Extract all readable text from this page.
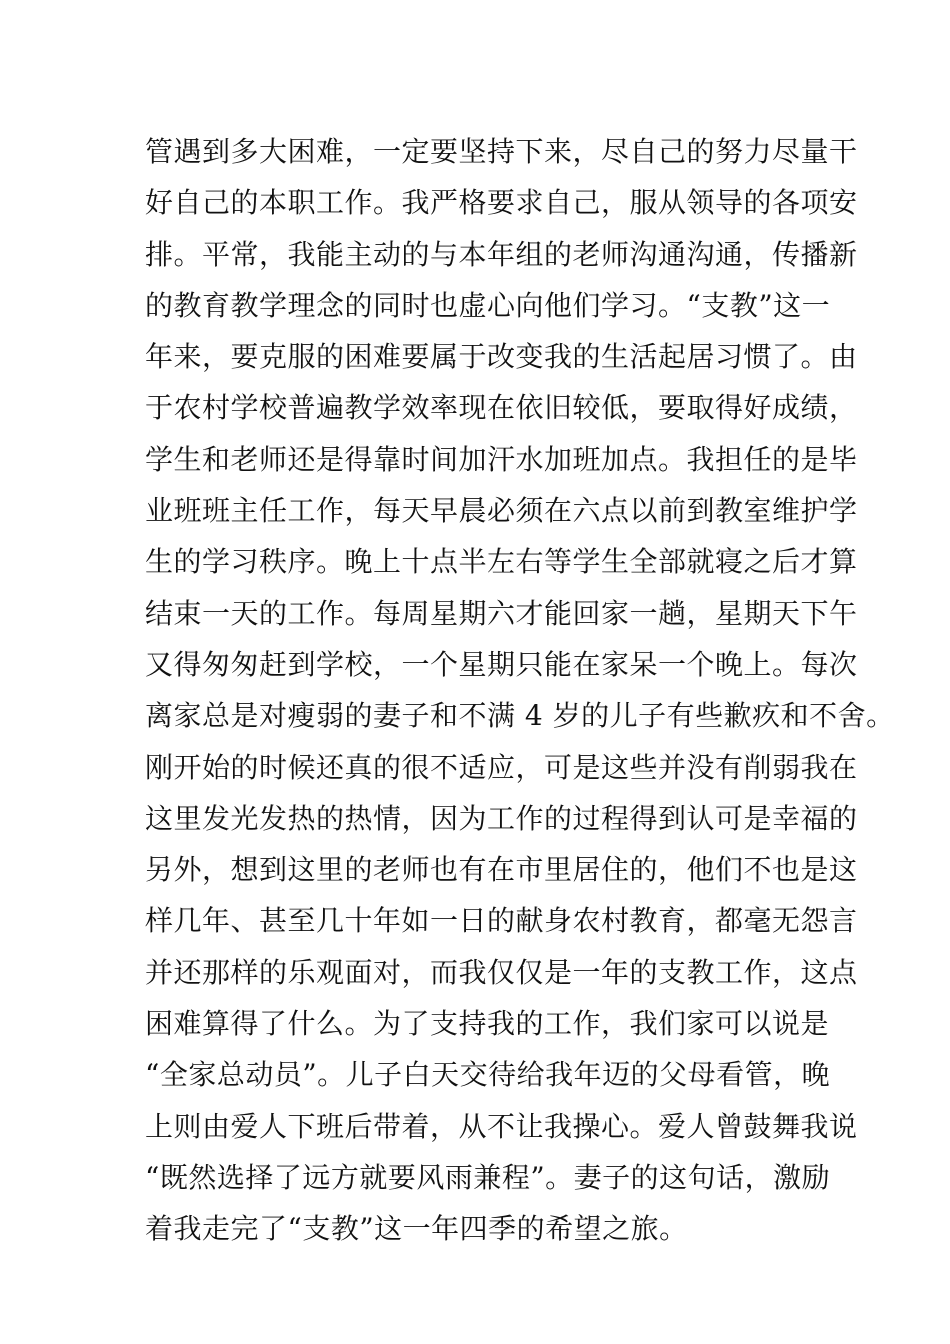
管遇到多大困难，一定要坚持下来，尽自己的努力尽量干
好自己的本职工作。我严格要求自己，服从领导的各项安
排。平常，我能主动的与本年组的老师沟通沟通，传播新
的教育教学理念的同时也虚心向他们学习。“支教”这一
年来，要克服的困难要属于改变我的生活起居习惯了。由
于农村学校普遍教学效率现在依旧较低，要取得好成绩，
学生和老师还是得靠时间加汗水加班加点。我担任的是毕
业班班主任工作，每天早晨必须在六点以前到教室维护学
生的学习秩序。晚上十点半左右等学生全部就寝之后才算
结束一天的工作。每周星期六才能回家一趟，星期天下午
又得匆匆赶到学校，一个星期只能在家呆一个晚上。每次
离家总是对瘦弱的妻子和不满 4 岁的儿子有些歉疚和不舍。
刚开始的时候还真的很不适应，可是这些并没有削弱我在
这里发光发热的热情，因为工作的过程得到认可是幸福的
另外，想到这里的老师也有在市里居住的，他们不也是这
样几年、甚至几十年如一日的献身农村教育，都毫无怨言
并还那样的乐观面对，而我仅仅是一年的支教工作，这点
困难算得了什么。为了支持我的工作，我们家可以说是
“全家总动员”。儿子白天交待给我年迈的父母看管，晚
上则由爱人下班后带着，从不让我操心。爱人曾鼓舞我说
“既然选择了远方就要风雨兼程”。妻子的这句话，激励
着我走完了“支教”这一年四季的希望之旅。
